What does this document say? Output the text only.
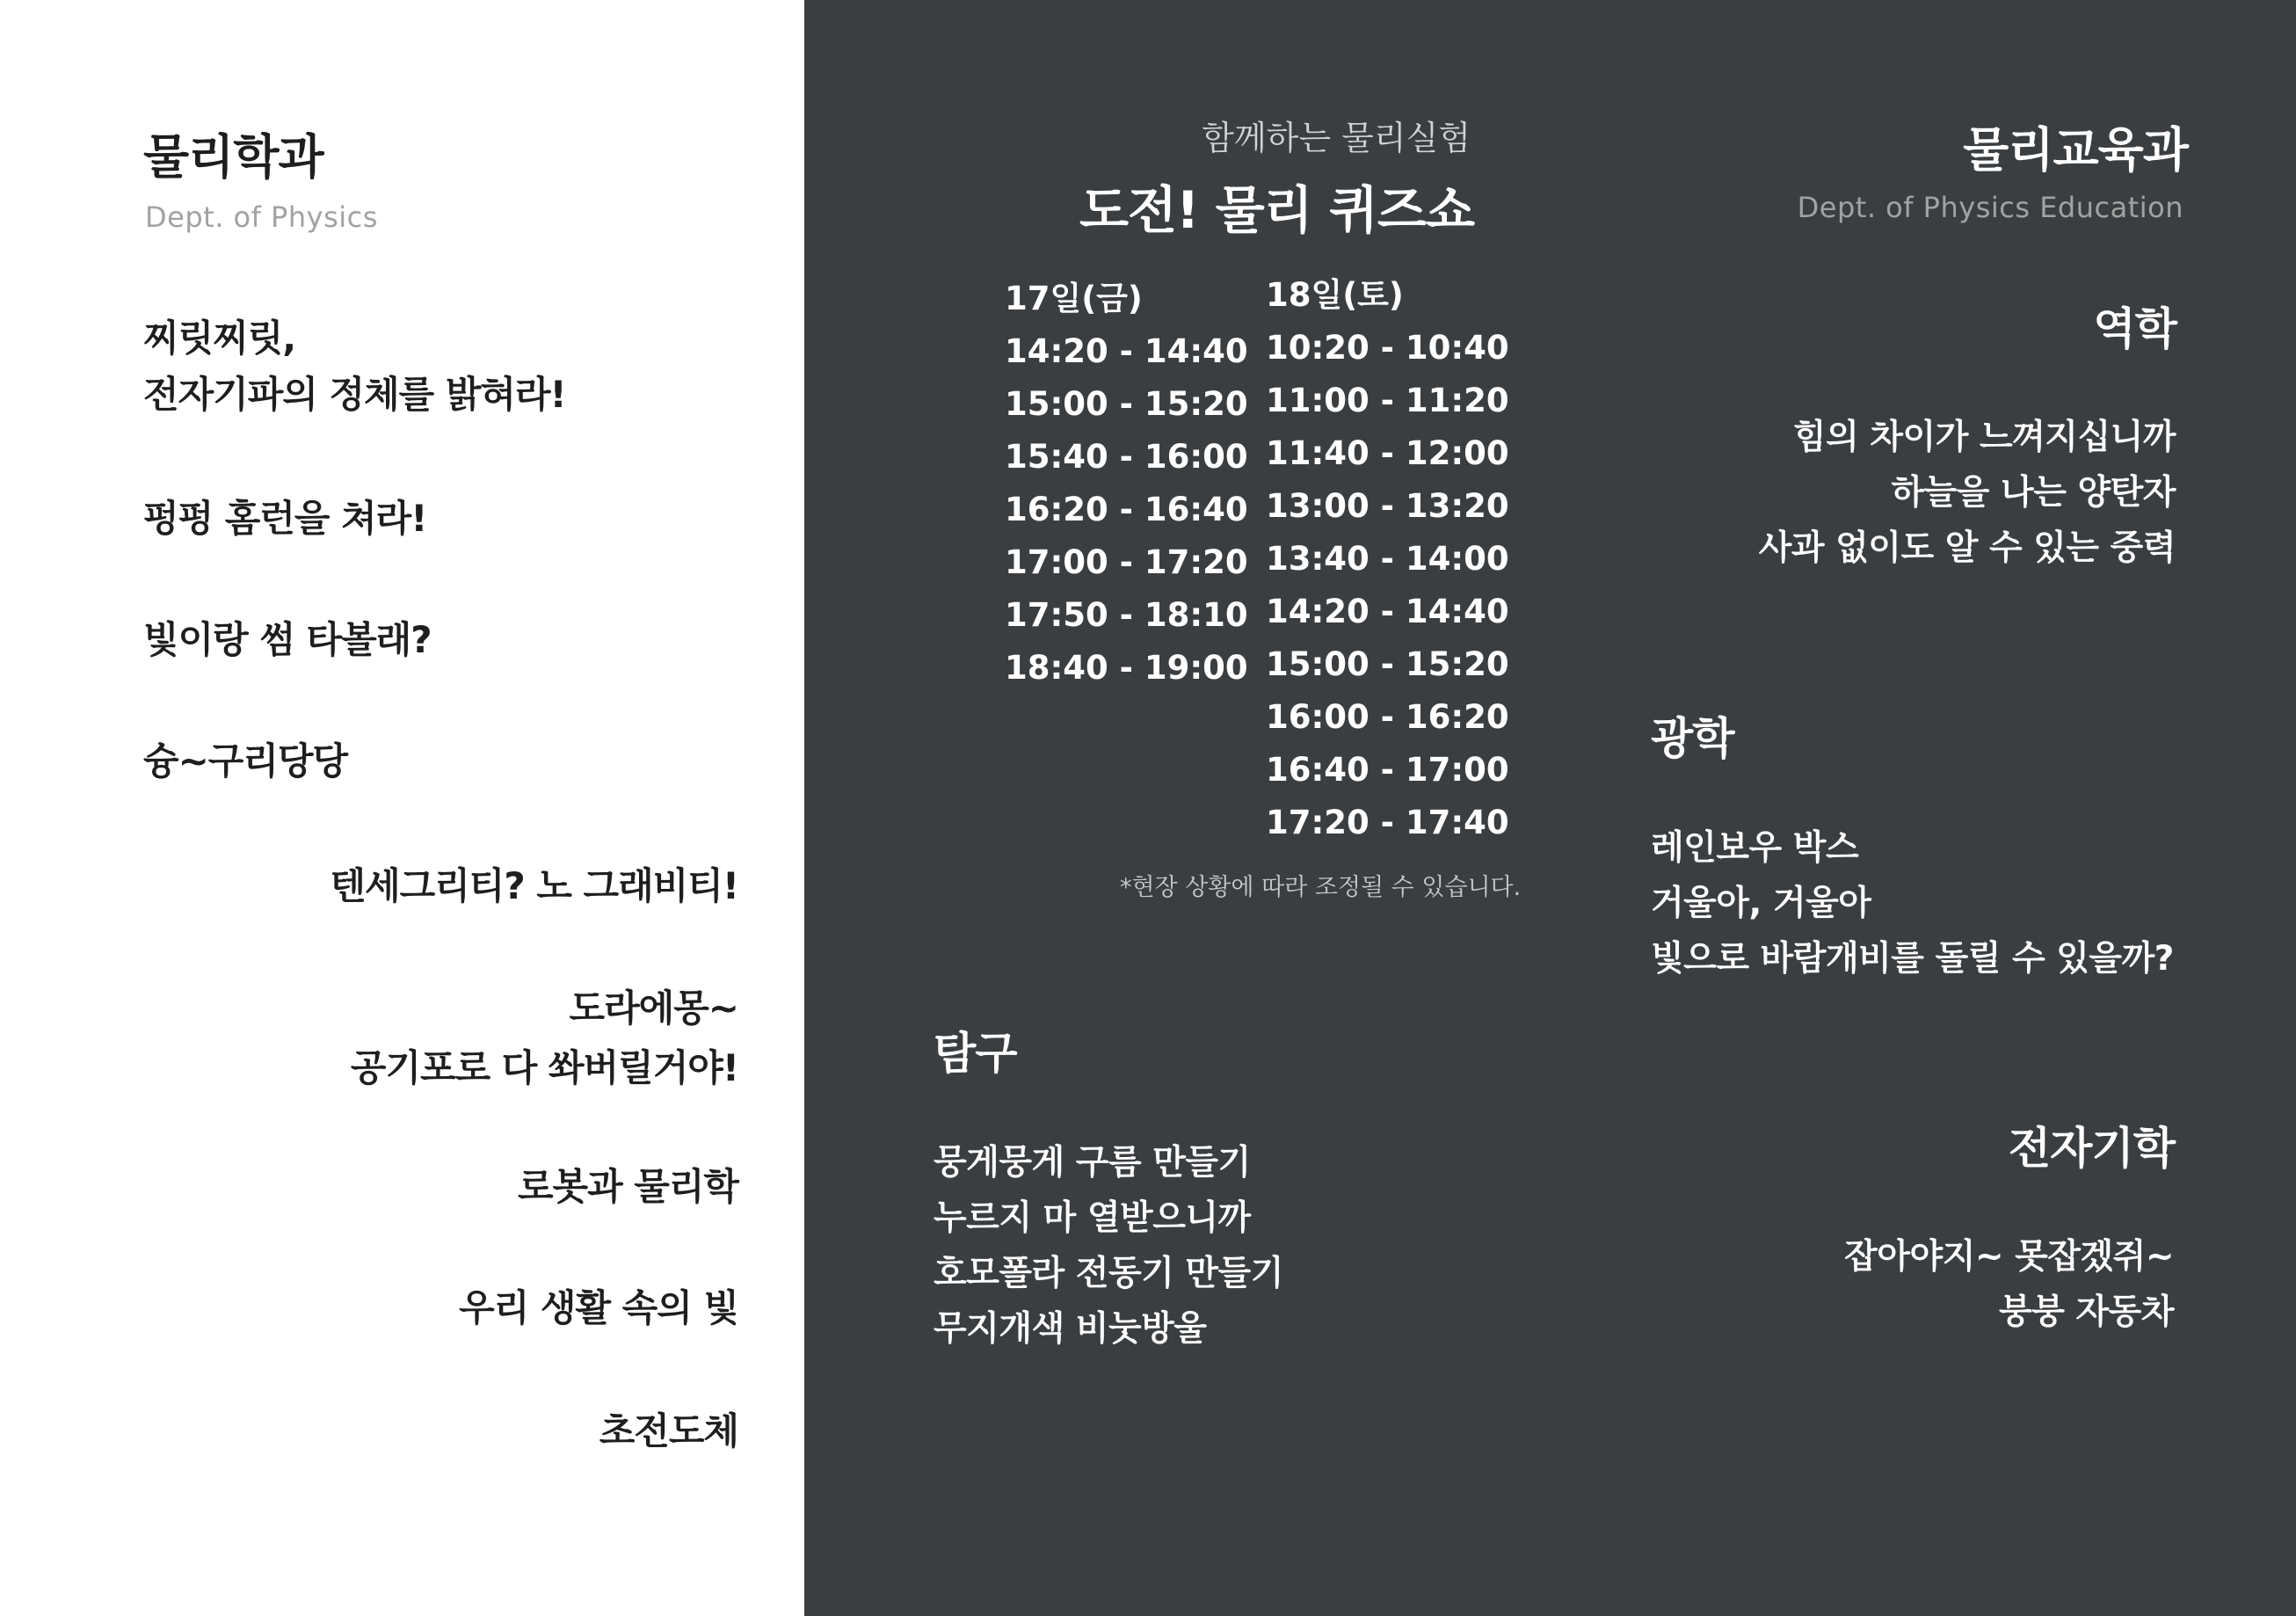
물리학과
Dept. of Physics
찌릿찌릿,
전자기파의 정체를 밝혀라!
펑펑 홈런을 쳐라!
빛이랑 썸 타볼래?
슝~구리당당
텐세그리티? 노 그래비티!
도라에몽~
공기포로 다 쏴버릴거야!
로봇과 물리학
우리 생활 속의 빛
초전도체
함께하는 물리실험
도전! 물리 퀴즈쇼
17일(금)
14:20 - 14:40
15:00 - 15:20
15:40 - 16:00
16:20 - 16:40
17:00 - 17:20
17:50 - 18:10
18:40 - 19:00
18일(토)
10:20 - 10:40
11:00 - 11:20
11:40 - 12:00
13:00 - 13:20
13:40 - 14:00
14:20 - 14:40
15:00 - 15:20
16:00 - 16:20
16:40 - 17:00
17:20 - 17:40
*현장 상황에 따라 조정될 수 있습니다.
탐구
뭉게뭉게 구름 만들기
누르지 마 열받으니까
호모폴라 전동기 만들기
무지개색 비눗방울
물리교육과
Dept. of Physics Education
역학
힘의 차이가 느껴지십니까
하늘을 나는 양탄자
사과 없이도 알 수 있는 중력
광학
레인보우 박스
거울아, 거울아
빛으로 바람개비를 돌릴 수 있을까?
전자기학
잡아야지~ 못잡겠쥐~
붕붕 자동차
